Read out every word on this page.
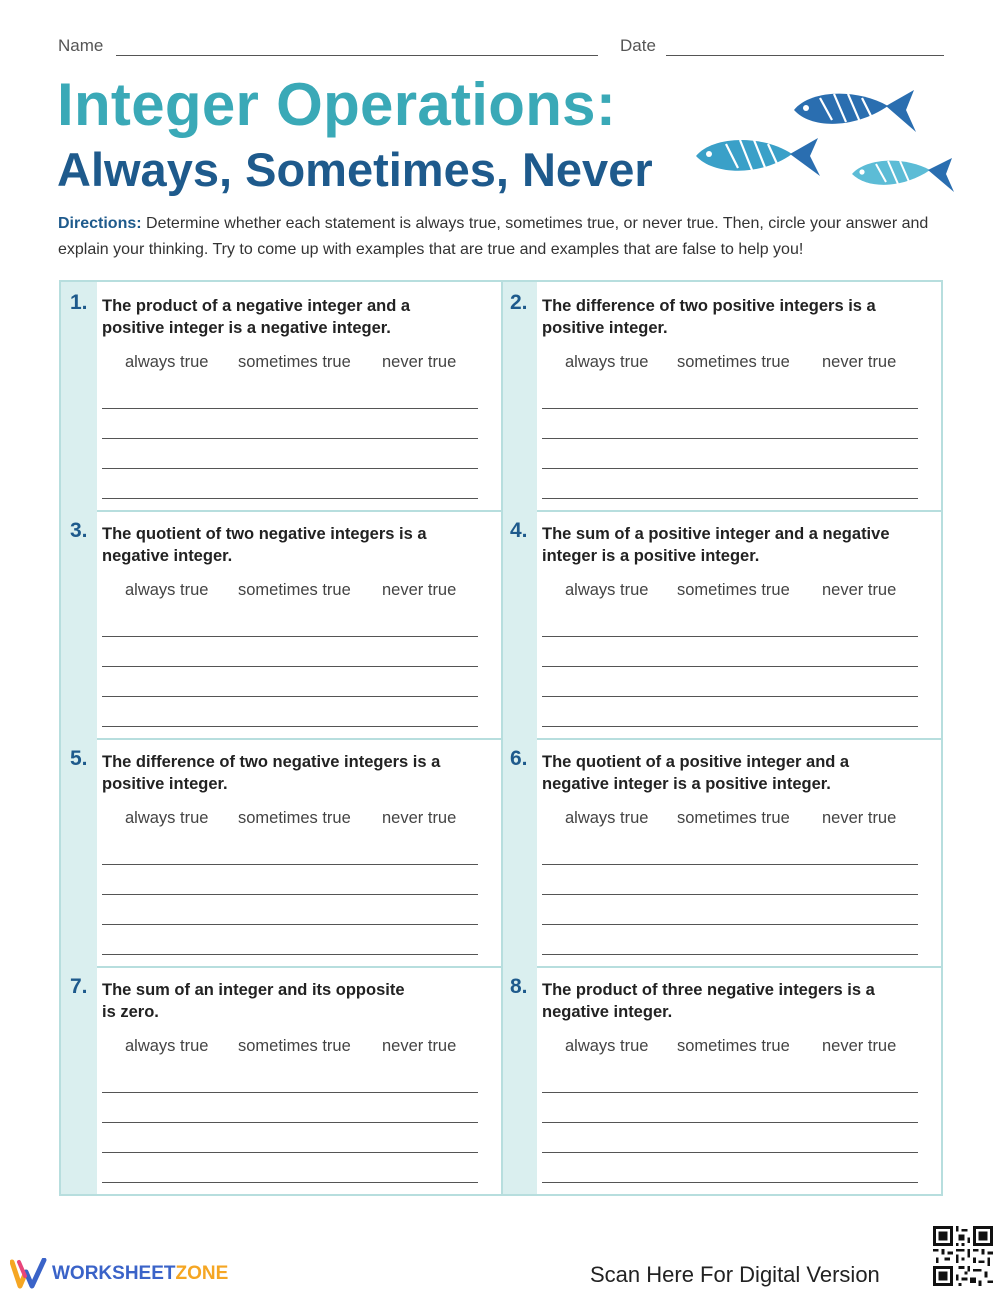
Name	Date
Integer Operations:
Always, Sometimes, Never
Directions: Determine whether each statement is always true, sometimes true, or never true. Then, circle your answer and explain your thinking. Try to come up with examples that are true and examples that are false to help you!
1. The product of a negative integer and a positive integer is a negative integer.
always true sometimes true never true
2. The difference of two positive integers is a positive integer.
always true sometimes true never true
3. The quotient of two negative integers is a negative integer.
always true sometimes true never true
4. The sum of a positive integer and a negative integer is a positive integer.
always true sometimes true never true
5. The difference of two negative integers is a positive integer.
always true sometimes true never true
6. The quotient of a positive integer and a negative integer is a positive integer.
always true sometimes true never true
7. The sum of an integer and its opposite is zero.
always true sometimes true never true
8. The product of three negative integers is a negative integer.
always true sometimes true never true
WORKSHEETZONE	Scan Here For Digital Version
